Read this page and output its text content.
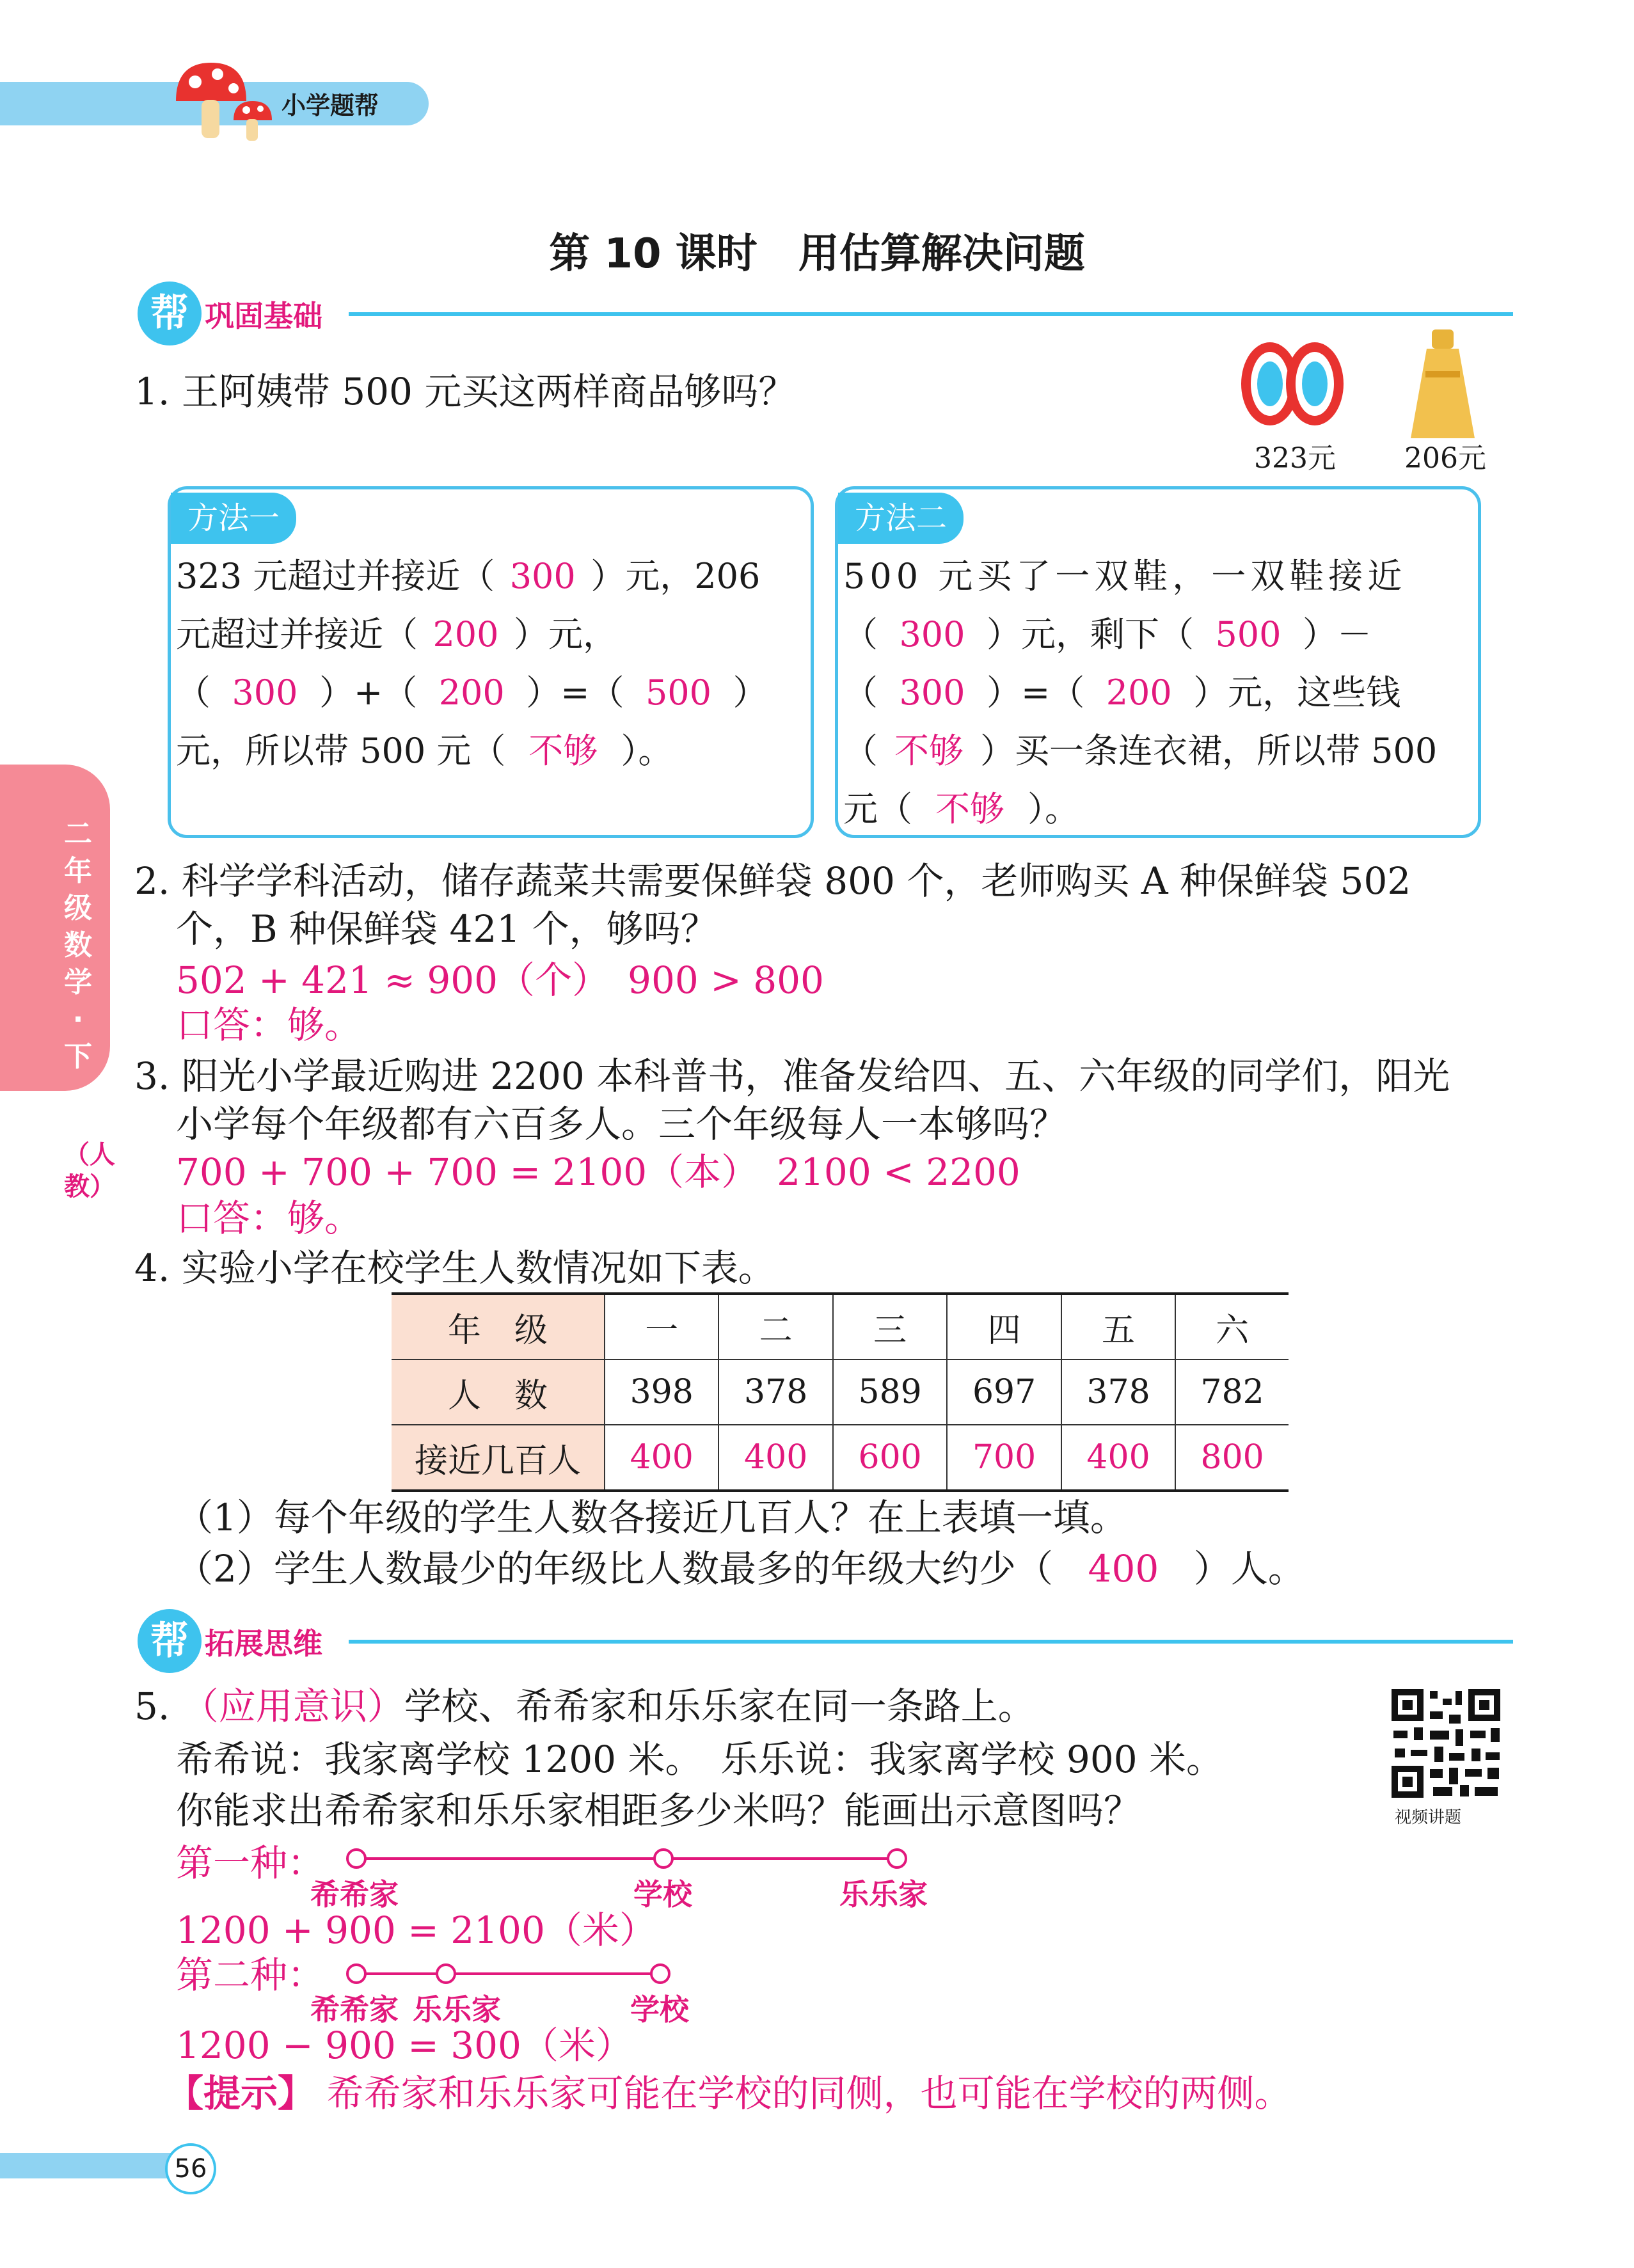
小学题帮
第 10 课时　用估算解决问题
帮 巩固基础
二年级数学·下
（人教）
1. 王阿姨带 500 元买这两样商品够吗？
323元 206元
方法一
323 元超过并接近（ 300 ）元，206
元超过并接近（ 200 ）元，
（ 300 ）+（ 200 ）=（ 500 ）
元，所以带 500 元（ 不够 ）。
方法二
500 元买了一双鞋，一双鞋接近
（ 300 ）元，剩下（ 500 ）－
（ 300 ）=（ 200 ）元，这些钱
（ 不够 ）买一条连衣裙，所以带 500
元（ 不够 ）。
2. 科学学科活动，储存蔬菜共需要保鲜袋 800 个，老师购买 A 种保鲜袋 502
个，B 种保鲜袋 421 个，够吗？
502 + 421 ≈ 900（个）　900 > 800
口答：够。
3. 阳光小学最近购进 2200 本科普书，准备发给四、五、六年级的同学们，阳光
小学每个年级都有六百多人。三个年级每人一本够吗？
700 + 700 + 700 = 2100（本）　2100 < 2200
口答：够。
4. 实验小学在校学生人数情况如下表。
年　级	一	二	三	四	五	六
人　数	398	378	589	697	378	782
接近几百人	400	400	600	700	400	800
（1）每个年级的学生人数各接近几百人？在上表填一填。
（2）学生人数最少的年级比人数最多的年级大约少（ 400 ）人。
帮 拓展思维
5. （应用意识）学校、希希家和乐乐家在同一条路上。
希希说：我家离学校 1200 米。　乐乐说：我家离学校 900 米。
你能求出希希家和乐乐家相距多少米吗？能画出示意图吗？	视频讲题
第一种：
希希家	学校	乐乐家
1200 + 900 = 2100（米）
第二种：
希希家 乐乐家	学校
1200 − 900 = 300（米）
【提示】 希希家和乐乐家可能在学校的同侧，也可能在学校的两侧。
56
